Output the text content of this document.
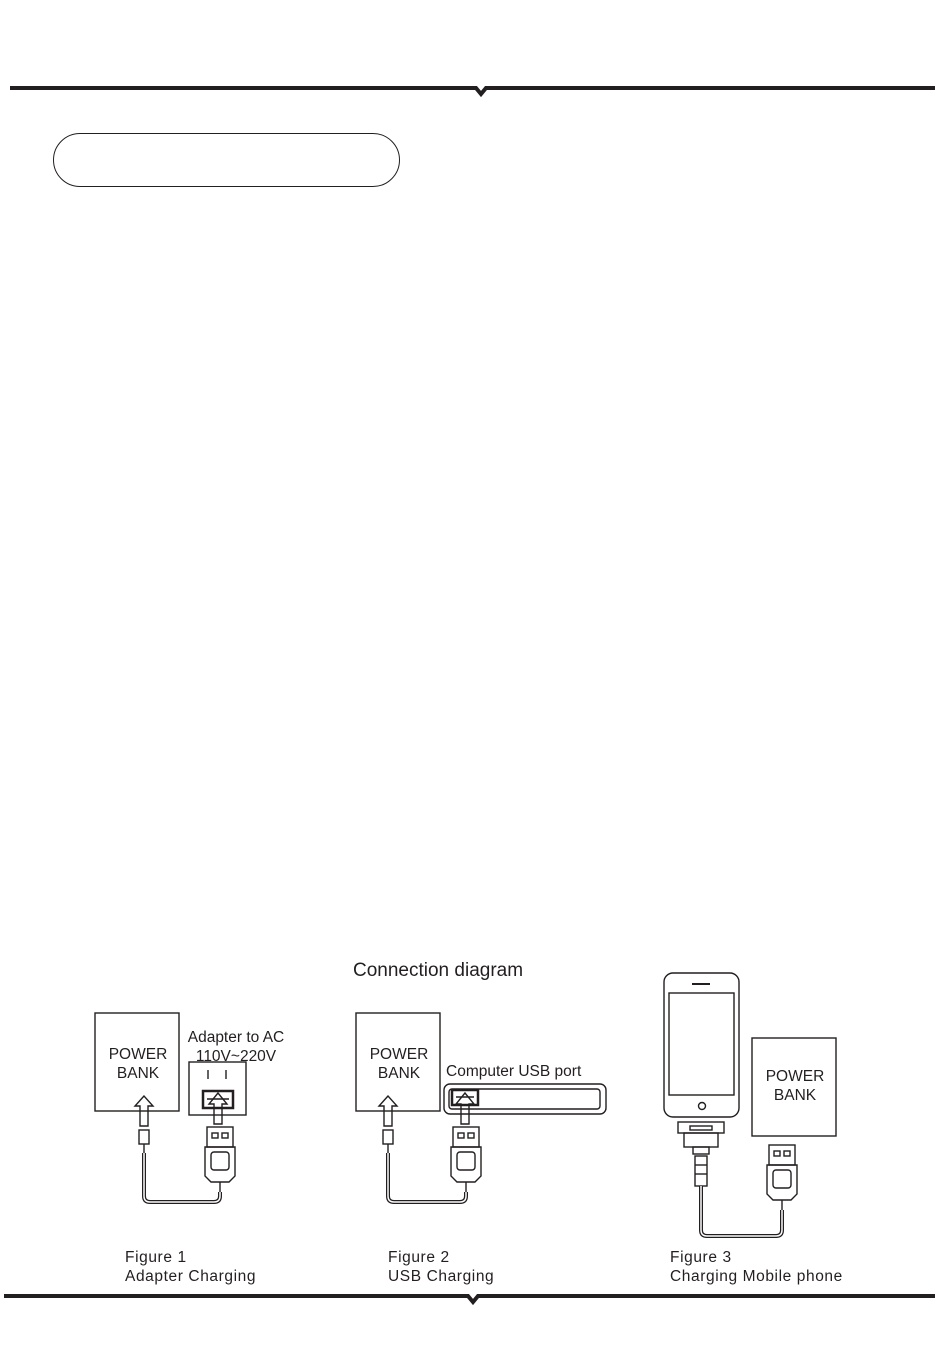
Connection diagram
POWER
BANK
Adapter to AC
110V~220V
Figure 1
Adapter Charging
POWER
BANK	Computer USB port
Figure 2
USB Charging
POWER
BANK
Figure 3
Charging Mobile phone
